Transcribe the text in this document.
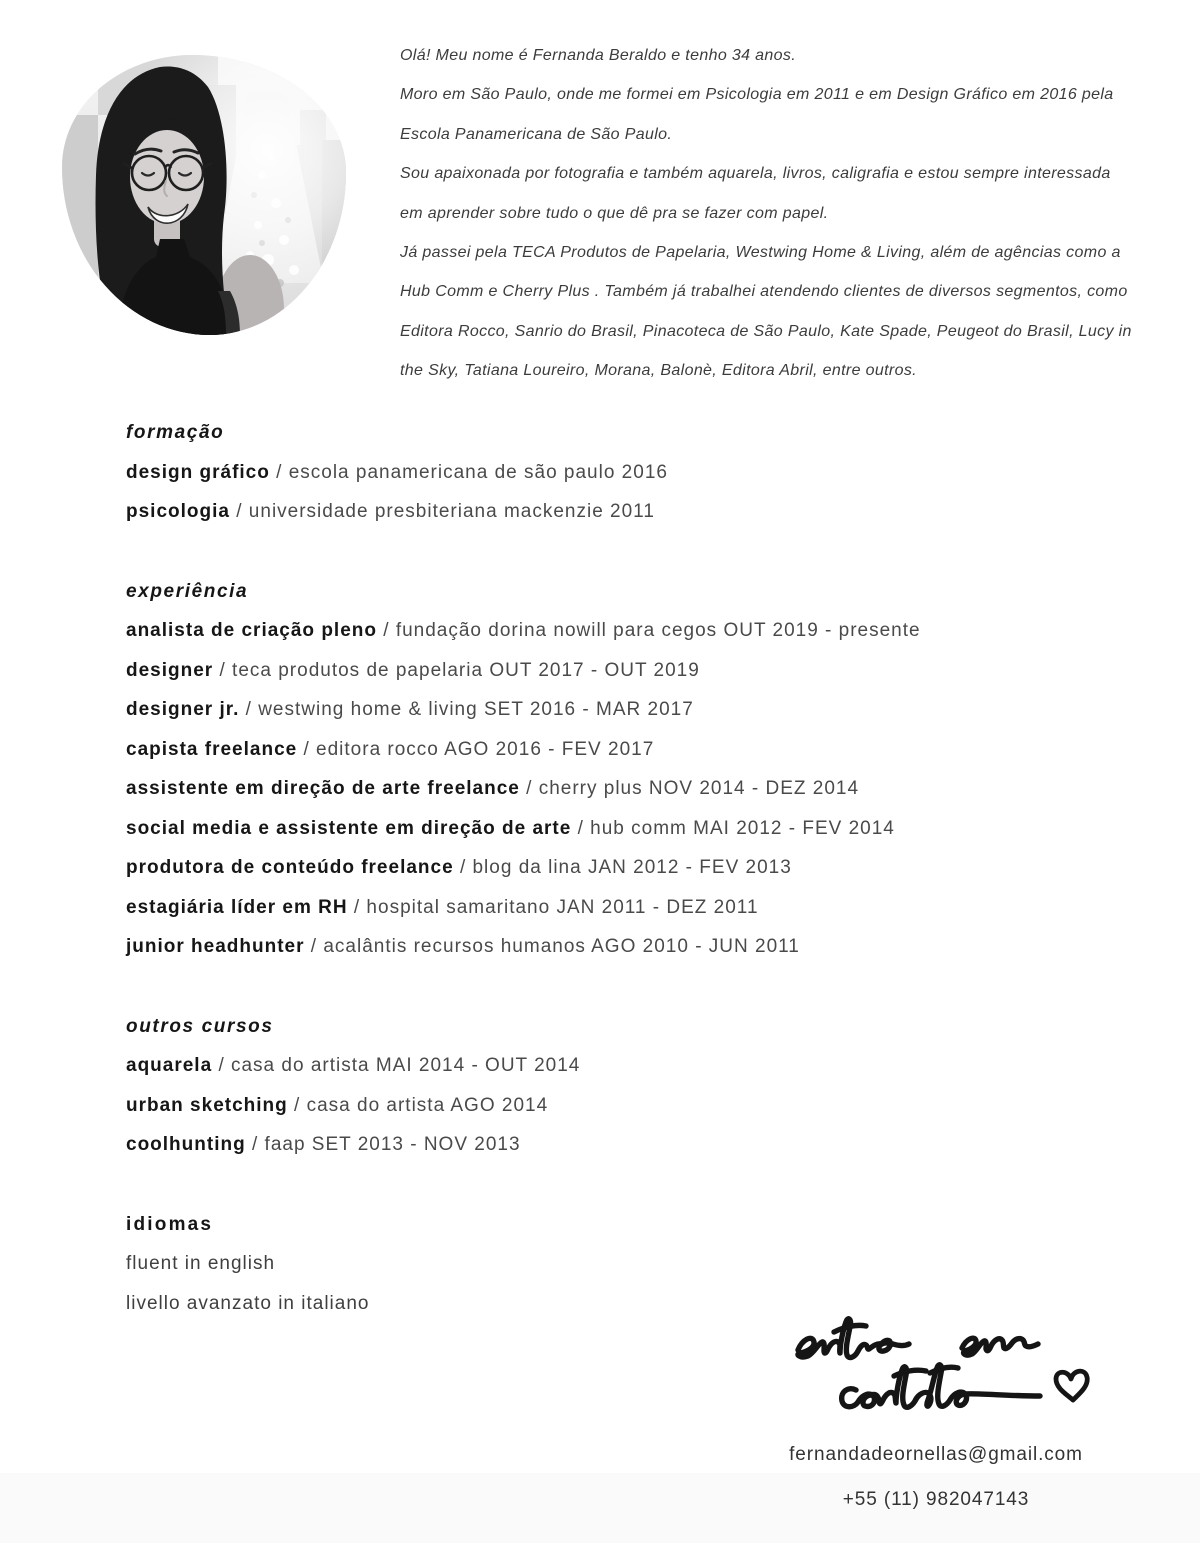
Olá! Meu nome é Fernanda Beraldo e tenho 34 anos.
Moro em São Paulo, onde me formei em Psicologia em 2011 e em Design Gráfico em 2016 pela
Escola Panamericana de São Paulo.
Sou apaixonada por fotografia e também aquarela, livros, caligrafia e estou sempre interessada
em aprender sobre tudo o que dê pra se fazer com papel.
Já passei pela TECA Produtos de Papelaria, Westwing Home & Living, além de agências como a
Hub Comm e Cherry Plus . Também já trabalhei atendendo clientes de diversos segmentos, como
Editora Rocco, Sanrio do Brasil, Pinacoteca de São Paulo, Kate Spade, Peugeot do Brasil, Lucy in
the Sky, Tatiana Loureiro, Morana, Balonè, Editora Abril, entre outros.
formação
design gráfico / escola panamericana de são paulo 2016
psicologia / universidade presbiteriana mackenzie 2011
experiência
analista de criação pleno / fundação dorina nowill para cegos OUT 2019 - presente
designer / teca produtos de papelaria OUT 2017 - OUT 2019
designer jr. / westwing home & living SET 2016 - MAR 2017
capista freelance / editora rocco AGO 2016 - FEV 2017
assistente em direção de arte freelance / cherry plus NOV 2014 - DEZ 2014
social media e assistente em direção de arte / hub comm MAI 2012 - FEV 2014
produtora de conteúdo freelance / blog da lina JAN 2012 - FEV 2013
estagiária líder em RH / hospital samaritano JAN 2011 - DEZ 2011
junior headhunter / acalântis recursos humanos AGO 2010 - JUN 2011
outros cursos
aquarela / casa do artista MAI 2014 - OUT 2014
urban sketching / casa do artista AGO 2014
coolhunting / faap SET 2013 - NOV 2013
idiomas
fluent in english
livello avanzato in italiano
fernandadeornellas@gmail.com
+55 (11) 982047143
